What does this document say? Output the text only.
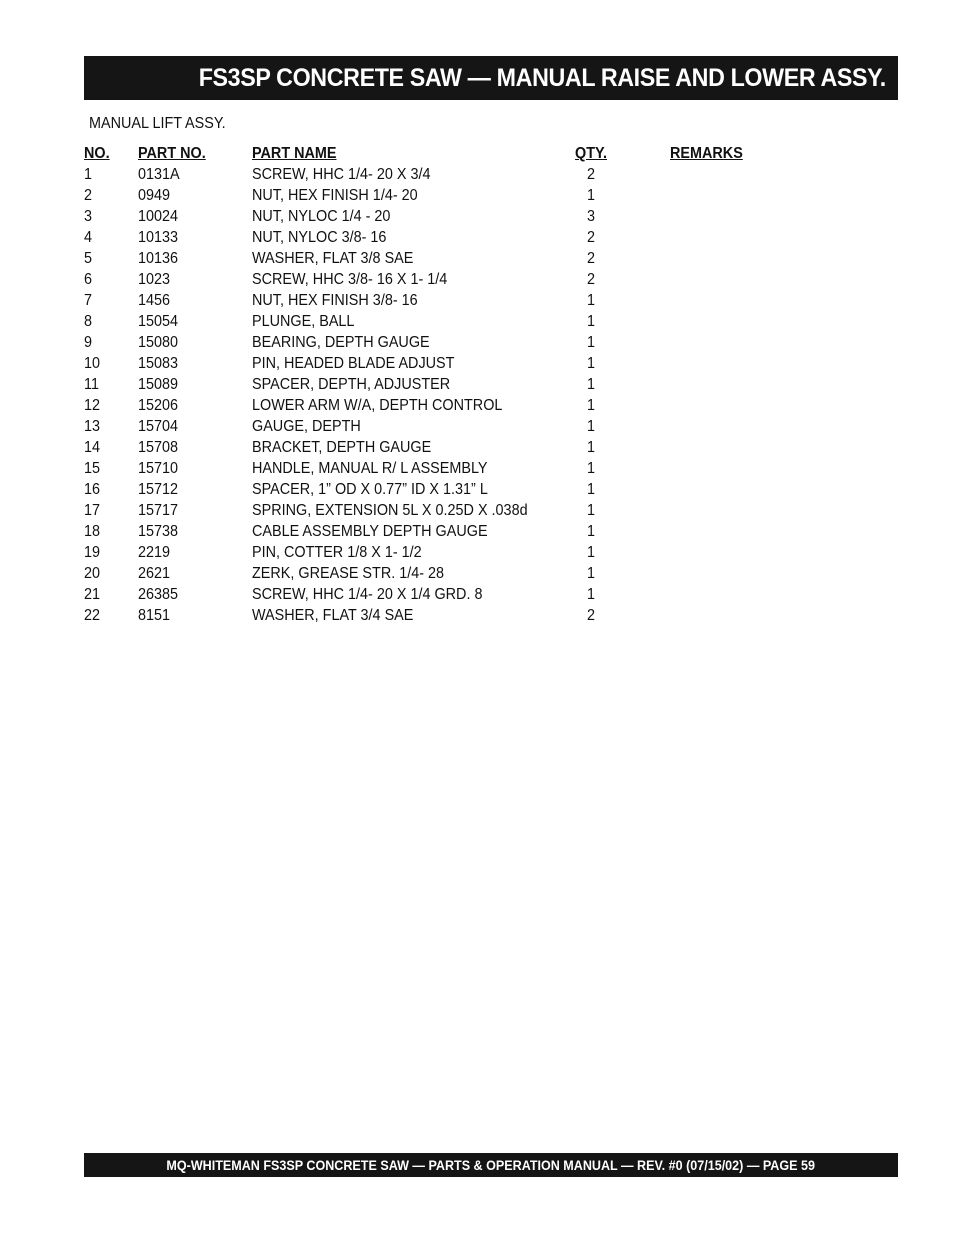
FS3SP CONCRETE SAW — MANUAL RAISE AND LOWER ASSY.
MANUAL LIFT ASSY.
NO. PART NO.	PART NAME	QTY.	REMARKS
1	0131A	SCREW, HHC 1/4- 20 X 3/4	2
2	0949	NUT, HEX FINISH 1/4- 20	1
3	10024	NUT, NYLOC 1/4 - 20	3
4	10133	NUT, NYLOC 3/8- 16	2
5	10136	WASHER, FLAT 3/8 SAE	2
6	1023	SCREW, HHC 3/8- 16 X 1- 1/4	2
7	1456	NUT, HEX FINISH 3/8- 16	1
8	15054	PLUNGE, BALL	1
9	15080	BEARING, DEPTH GAUGE	1
10 15083	PIN, HEADED BLADE ADJUST	1
11 15089	SPACER, DEPTH, ADJUSTER	1
12 15206	LOWER ARM W/A, DEPTH CONTROL	1
13 15704	GAUGE, DEPTH	1
14 15708	BRACKET, DEPTH GAUGE	1
15 15710	HANDLE, MANUAL R/ L ASSEMBLY	1
16 15712	SPACER, 1” OD X 0.77” ID X 1.31” L	1
17 15717	SPRING, EXTENSION 5L X 0.25D X .038d	1
18 15738	CABLE ASSEMBLY DEPTH GAUGE	1
19 2219	PIN, COTTER 1/8 X 1- 1/2	1
20 2621	ZERK, GREASE STR. 1/4- 28	1
21 26385	SCREW, HHC 1/4- 20 X 1/4 GRD. 8	1
22 8151	WASHER, FLAT 3/4 SAE	2
MQ-WHITEMAN FS3SP CONCRETE SAW — PARTS & OPERATION MANUAL — REV. #0 (07/15/02) — PAGE 59
